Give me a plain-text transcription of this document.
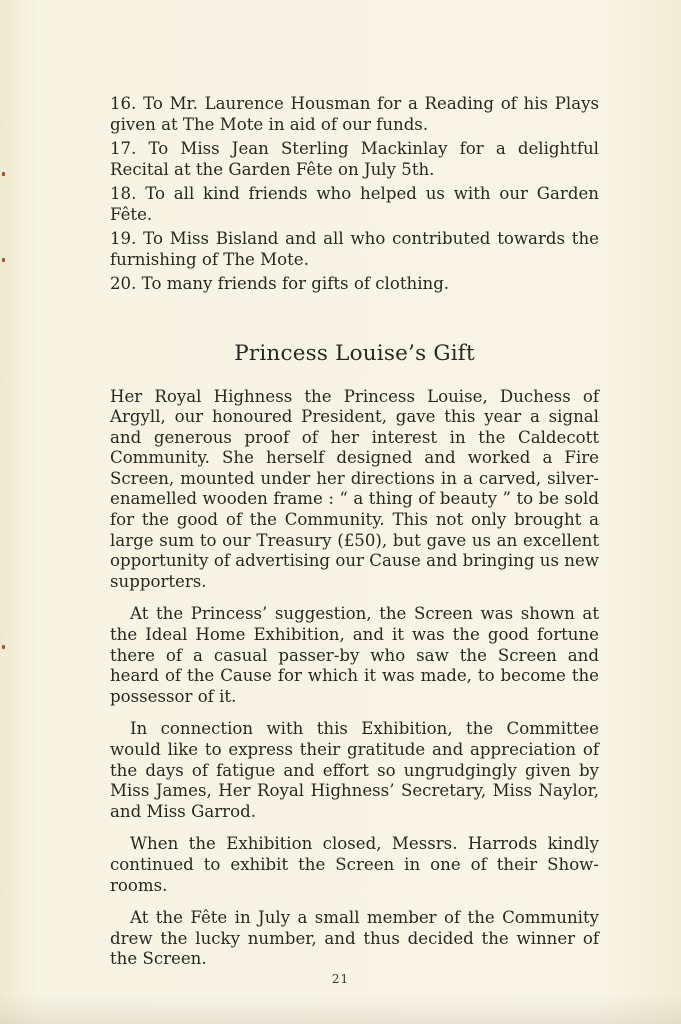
16. To Mr. Laurence Housman for a Reading of his Plays given at The Mote in aid of our funds.
17. To Miss Jean Sterling Mackinlay for a delightful Recital at the Garden Fête on July 5th.
18. To all kind friends who helped us with our Garden Fête.
19. To Miss Bisland and all who contributed towards the furnishing of The Mote.
20. To many friends for gifts of clothing.
Princess Louise’s Gift

Her Royal Highness the Princess Louise, Duchess of Argyll, our honoured President, gave this year a signal and generous proof of her interest in the Caldecott Community. She herself designed and worked a Fire Screen, mounted under her directions in a carved, silver-enamelled wooden frame : “ a thing of beauty ” to be sold for the good of the Community. This not only brought a large sum to our Treasury (£50), but gave us an excellent opportunity of advertising our Cause and bringing us new supporters.

At the Princess’ suggestion, the Screen was shown at the Ideal Home Exhibition, and it was the good fortune there of a casual passer-by who saw the Screen and heard of the Cause for which it was made, to become the possessor of it.

In connection with this Exhibition, the Committee would like to express their gratitude and appreciation of the days of fatigue and effort so ungrudgingly given by Miss James, Her Royal Highness’ Secretary, Miss Naylor, and Miss Garrod.

When the Exhibition closed, Messrs. Harrods kindly continued to exhibit the Screen in one of their Show-rooms.

At the Fête in July a small member of the Community drew the lucky number, and thus decided the winner of the Screen.

21
